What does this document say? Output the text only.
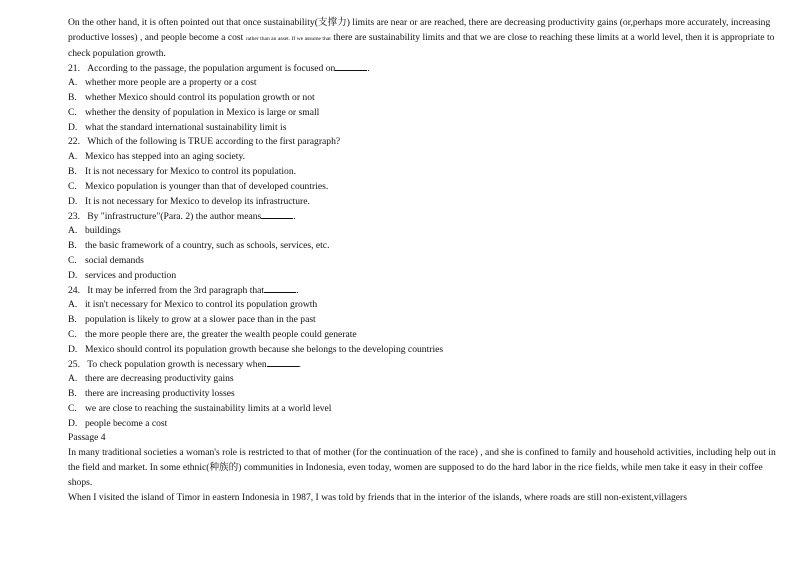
On the other hand, it is often pointed out that once sustainability(支撑力) limits are near or are reached, there are decreasing productivity gains (or,perhaps more accurately, increasing productive losses) , and people become a cost rather than an asset. If we assume that there are sustainability limits and that we are close to reaching these limits at a world level, then it is appropriate to check population growth.

21. According to the passage, the population argument is focused on	.

A. whether more people are a property or a cost

B. whether Mexico should control its population growth or not

C. whether the density of population in Mexico is large or small

D. what the standard international sustainability limit is

22. Which of the following is TRUE according to the first paragraph?

A. Mexico has stepped into an aging society.

B. It is not necessary for Mexico to control its population.

C. Mexico population is younger than that of developed countries.

D. It is not necessary for Mexico to develop its infrastructure.

23. By "infrastructure"(Para. 2) the author means	.

A. buildings

B. the basic framework of a country, such as schools, services, etc.

C. social demands

D. services and production

24. It may be inferred from the 3rd paragraph that	.

A. it isn't necessary for Mexico to control its population growth

B. population is likely to grow at a slower pace than in the past

C. the more people there are, the greater the wealth people could generate

D. Mexico should control its population growth because she belongs to the developing countries

25. To check population growth is necessary when	.

A. there are decreasing productivity gains

B. there are increasing productivity losses

C. we are close to reaching the sustainability limits at a world level

D. people become a cost

Passage 4

In many traditional societies a woman's role is restricted to that of mother (for the continuation of the race) , and she is confined to family and household activities, including help out in the field and market. In some ethnic(种族的) communities in Indonesia, even today, women are supposed to do the hard labor in the rice fields, while men take it easy in their coffee shops.

When I visited the island of Timor in eastern Indonesia in 1987, I was told by friends that in the interior of the islands, where roads are still non-existent,villagers
